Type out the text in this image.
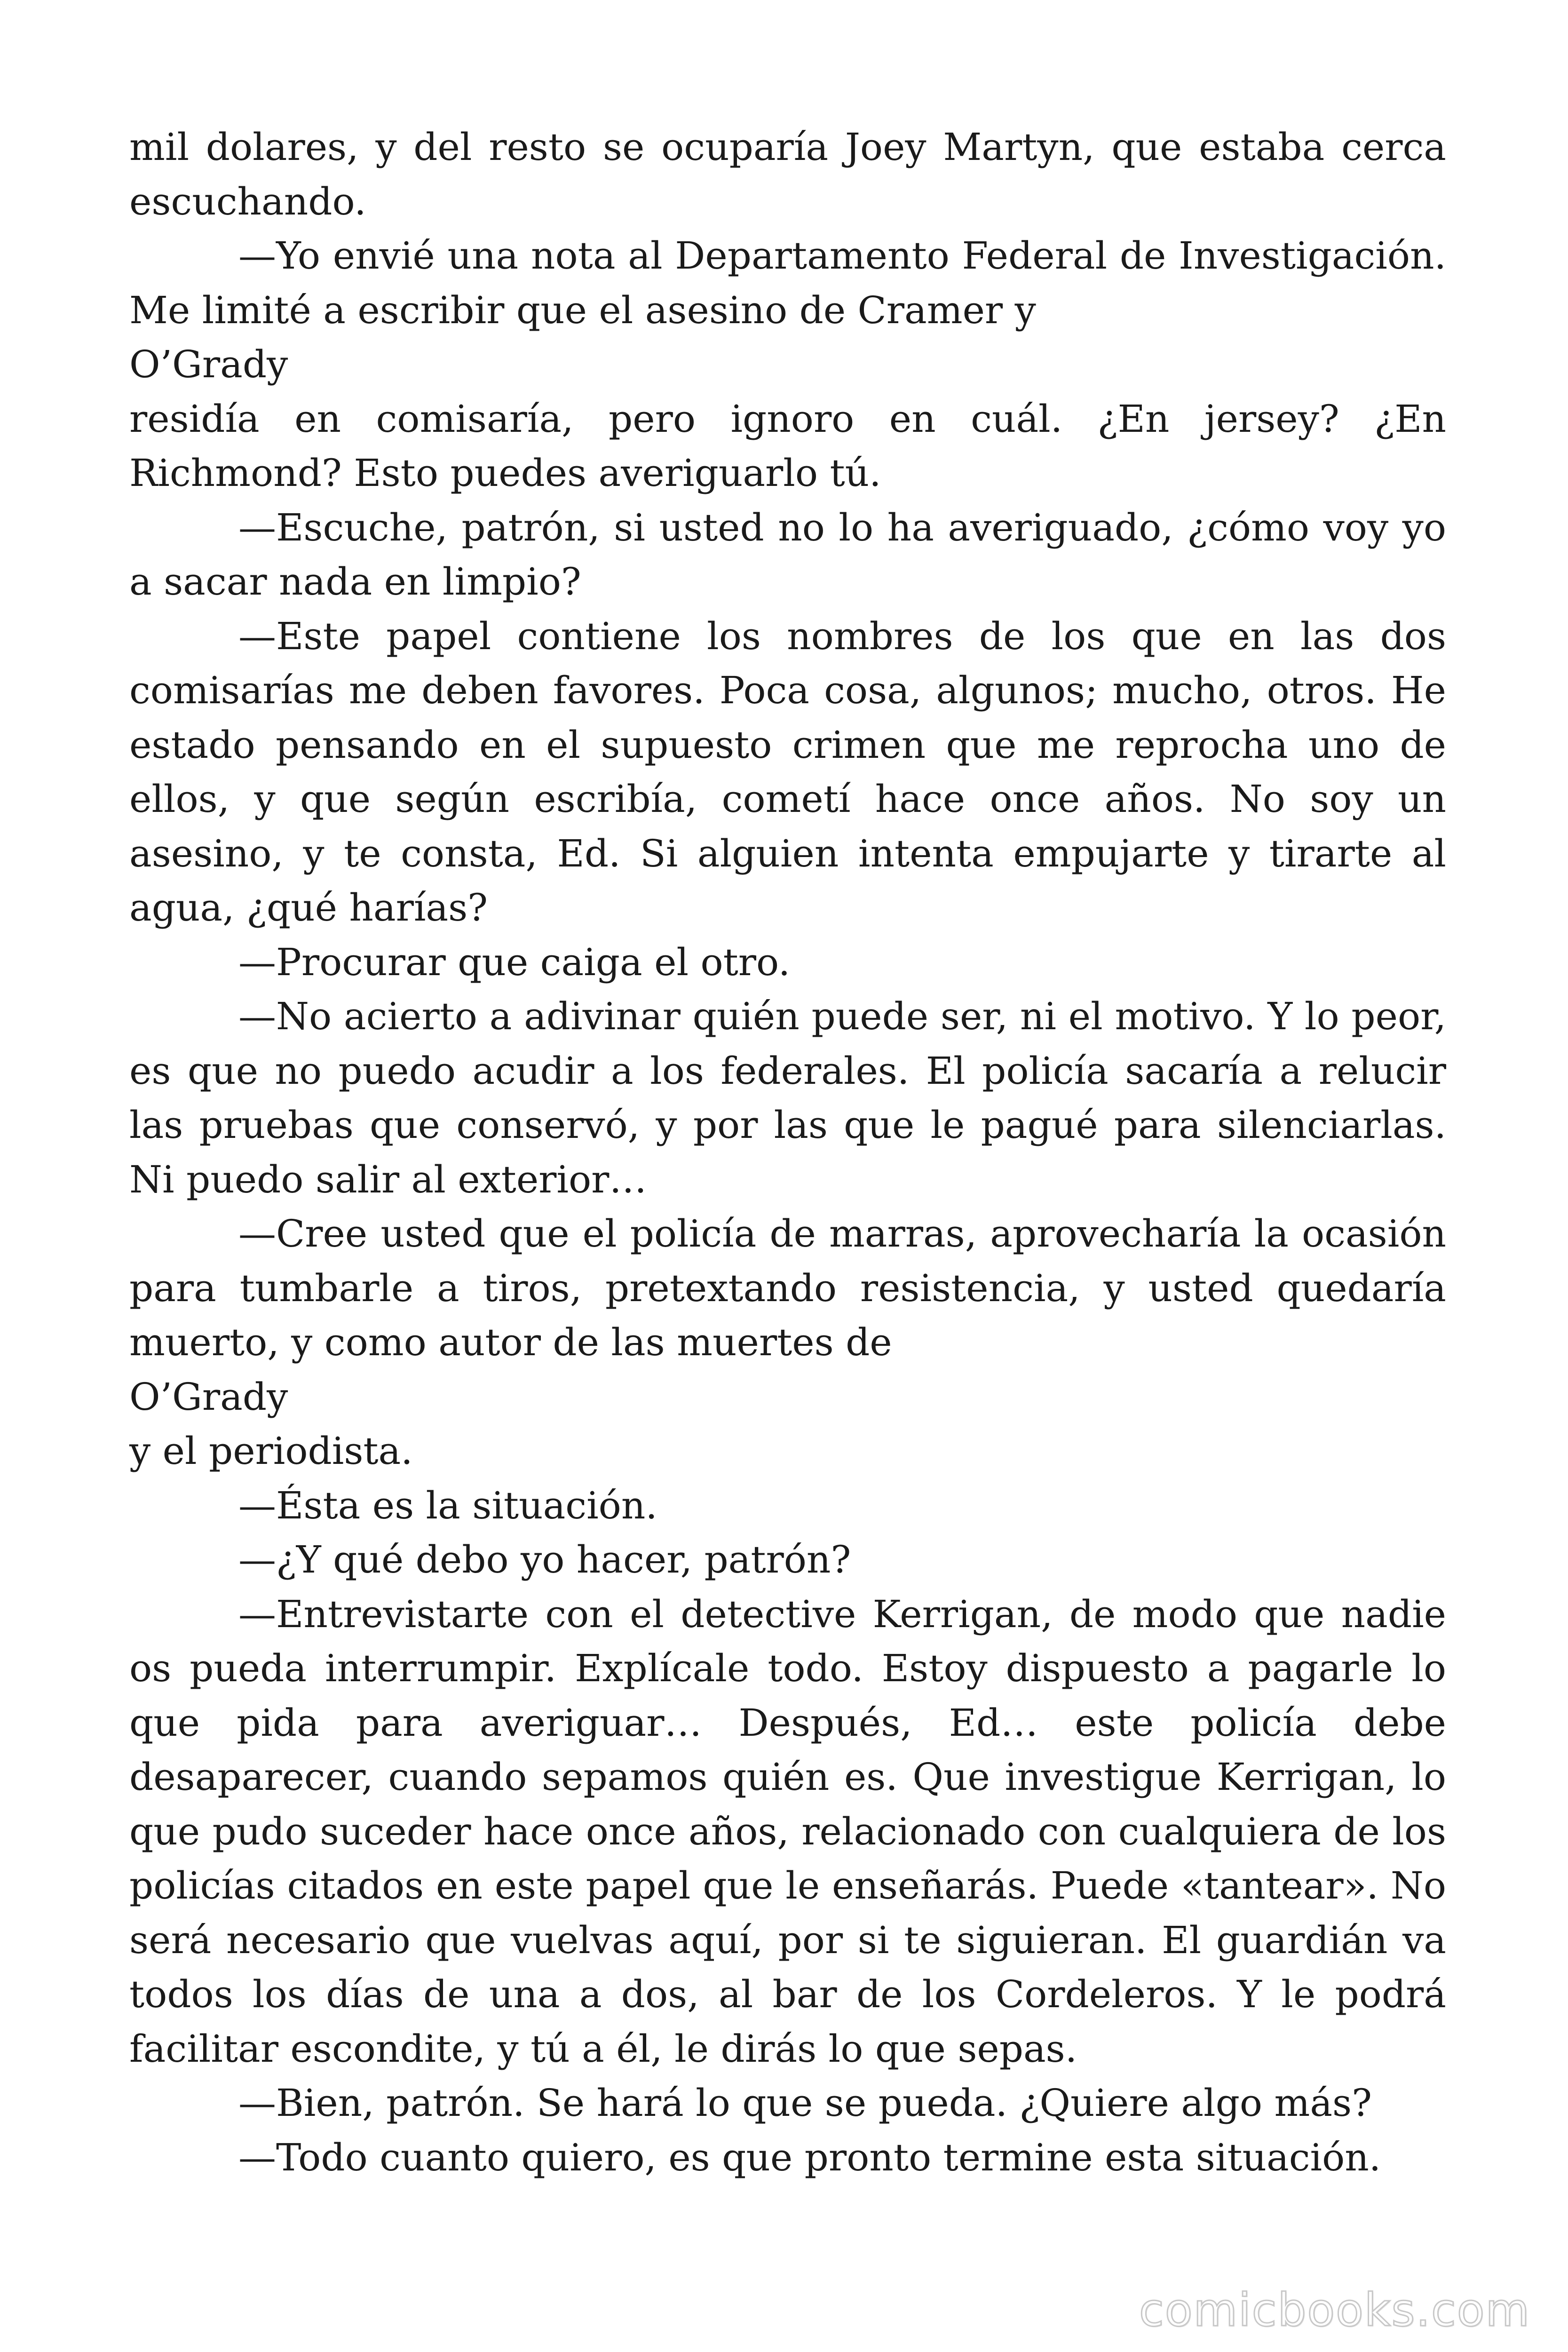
mil dolares, y del resto se ocuparía Joey Martyn, que estaba cerca escuchando.

—Yo envié una nota al Departamento Federal de Investigación. Me limité a escribir que el asesino de Cramer y

O’Grady

residía en comisaría, pero ignoro en cuál. ¿En jersey? ¿En Richmond? Esto puedes averiguarlo tú.

—Escuche, patrón, si usted no lo ha averiguado, ¿cómo voy yo a sacar nada en limpio?

—Este papel contiene los nombres de los que en las dos comisarías me deben favores. Poca cosa, algunos; mucho, otros. He estado pensando en el supuesto crimen que me reprocha uno de ellos, y que según escribía, cometí hace once años. No soy un asesino, y te consta, Ed. Si alguien intenta empujarte y tirarte al agua, ¿qué harías?

—Procurar que caiga el otro.

—No acierto a adivinar quién puede ser, ni el motivo. Y lo peor, es que no puedo acudir a los federales. El policía sacaría a relucir las pruebas que conservó, y por las que le pagué para silenciarlas. Ni puedo salir al exterior…

—Cree usted que el policía de marras, aprovecharía la ocasión para tumbarle a tiros, pretextando resistencia, y usted quedaría muerto, y como autor de las muertes de

O’Grady

y el periodista.

—Ésta es la situación.

—¿Y qué debo yo hacer, patrón?

—Entrevistarte con el detective Kerrigan, de modo que nadie os pueda interrumpir. Explícale todo. Estoy dispuesto a pagarle lo que pida para averiguar… Después, Ed… este policía debe desaparecer, cuando sepamos quién es. Que investigue Kerrigan, lo que pudo suceder hace once años, relacionado con cualquiera de los policías citados en este papel que le enseñarás. Puede «tantear». No será necesario que vuelvas aquí, por si te siguieran. El guardián va todos los días de una a dos, al bar de los Cordeleros. Y le podrá facilitar escondite, y tú a él, le dirás lo que sepas.

—Bien, patrón. Se hará lo que se pueda. ¿Quiere algo más?

—Todo cuanto quiero, es que pronto termine esta situación.

comicbooks.com
